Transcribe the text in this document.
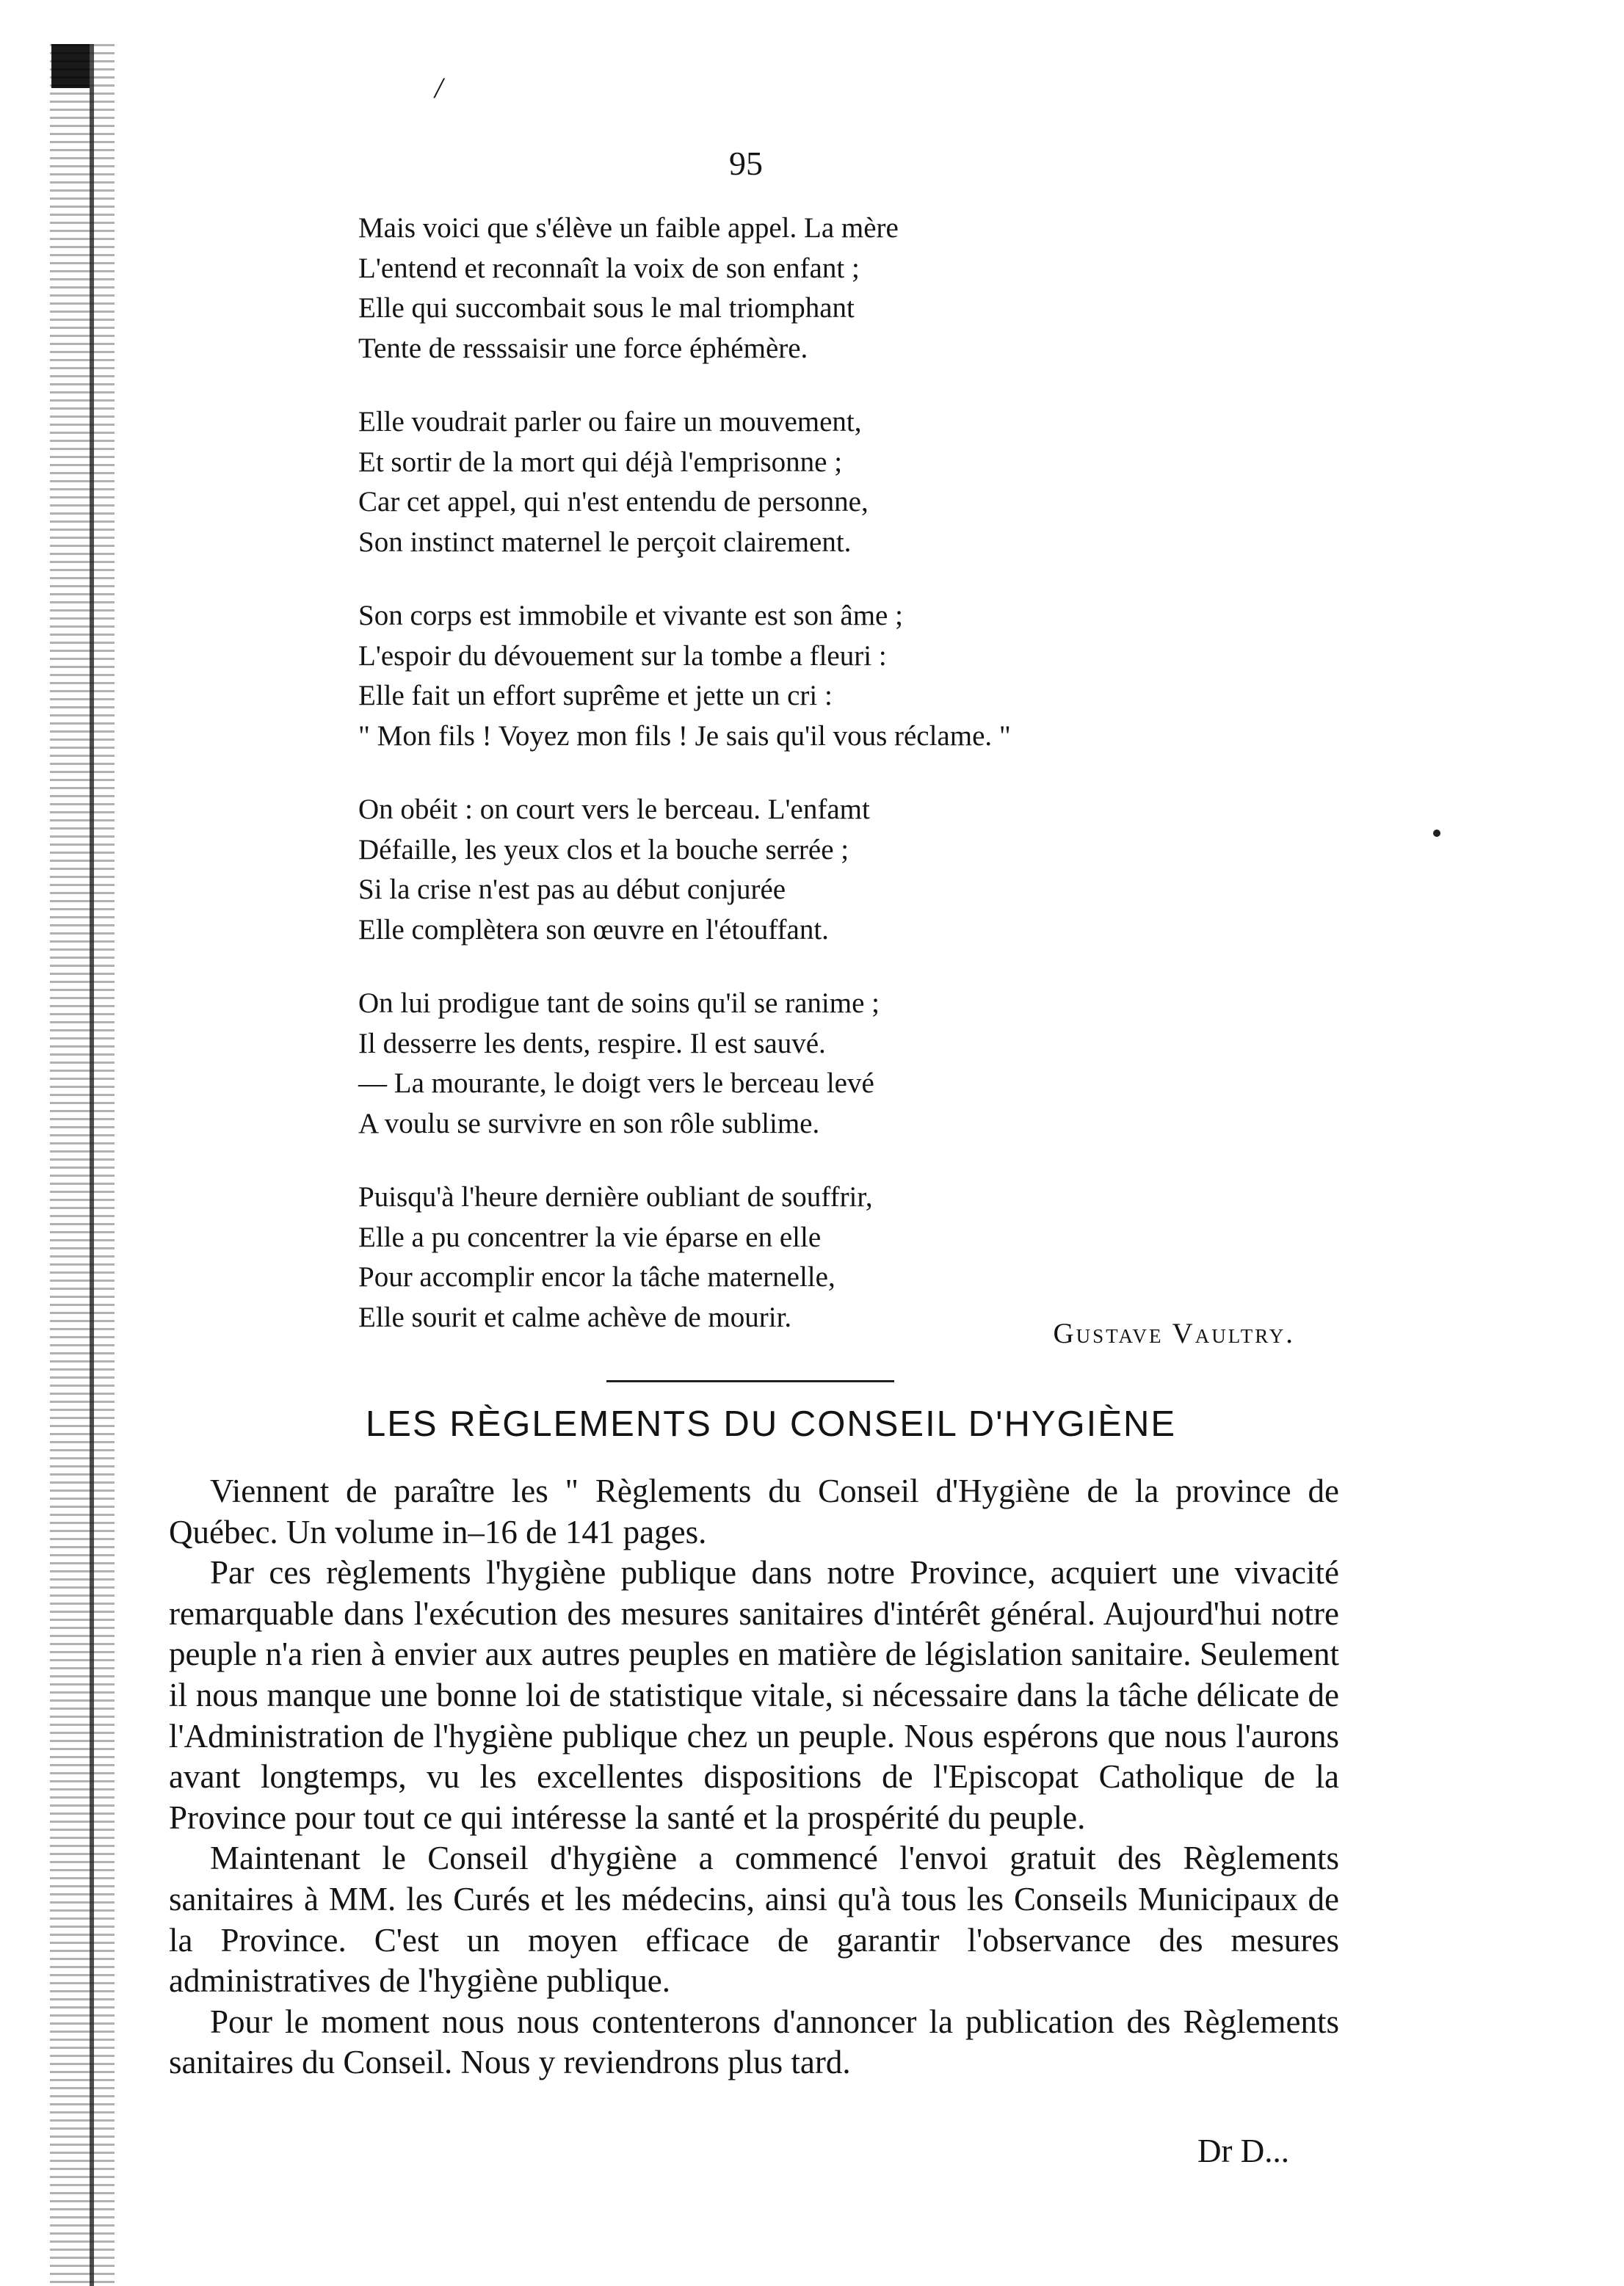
/
95
Mais voici que s'élève un faible appel. La mère
L'entend et reconnaît la voix de son enfant ;
Elle qui succombait sous le mal triomphant
Tente de resssaisir une force éphémère.
Elle voudrait parler ou faire un mouvement,
Et sortir de la mort qui déjà l'emprisonne ;
Car cet appel, qui n'est entendu de personne,
Son instinct maternel le perçoit clairement.
Son corps est immobile et vivante est son âme ;
L'espoir du dévouement sur la tombe a fleuri :
Elle fait un effort suprême et jette un cri :
" Mon fils ! Voyez mon fils ! Je sais qu'il vous réclame. "
On obéit : on court vers le berceau. L'enfamt
Défaille, les yeux clos et la bouche serrée ;
Si la crise n'est pas au début conjurée
Elle complètera son œuvre en l'étouffant.
On lui prodigue tant de soins qu'il se ranime ;
Il desserre les dents, respire. Il est sauvé.
— La mourante, le doigt vers le berceau levé
A voulu se survivre en son rôle sublime.
Puisqu'à l'heure dernière oubliant de souffrir,
Elle a pu concentrer la vie éparse en elle
Pour accomplir encor la tâche maternelle,
Elle sourit et calme achève de mourir.
Gustave Vaultry.
LES RÈGLEMENTS DU CONSEIL D'HYGIÈNE

Viennent de paraître les " Règlements du Conseil d'Hygiène de la province de Québec. Un volume in–16 de 141 pages.

Par ces règlements l'hygiène publique dans notre Province, acquiert une vivacité remarquable dans l'exécution des mesures sanitaires d'intérêt général. Aujourd'hui notre peuple n'a rien à envier aux autres peuples en matière de législation sanitaire. Seulement il nous manque une bonne loi de statistique vitale, si nécessaire dans la tâche délicate de l'Administration de l'hygiène publique chez un peuple. Nous espérons que nous l'aurons avant longtemps, vu les excellentes dispositions de l'Episcopat Catholique de la Province pour tout ce qui intéresse la santé et la prospérité du peuple.

Maintenant le Conseil d'hygiène a commencé l'envoi gratuit des Règlements sanitaires à MM. les Curés et les médecins, ainsi qu'à tous les Conseils Municipaux de la Province. C'est un moyen efficace de garantir l'observance des mesures administratives de l'hygiène publique.

Pour le moment nous nous contenterons d'annoncer la publication des Règlements sanitaires du Conseil. Nous y reviendrons plus tard.

Dr D...
